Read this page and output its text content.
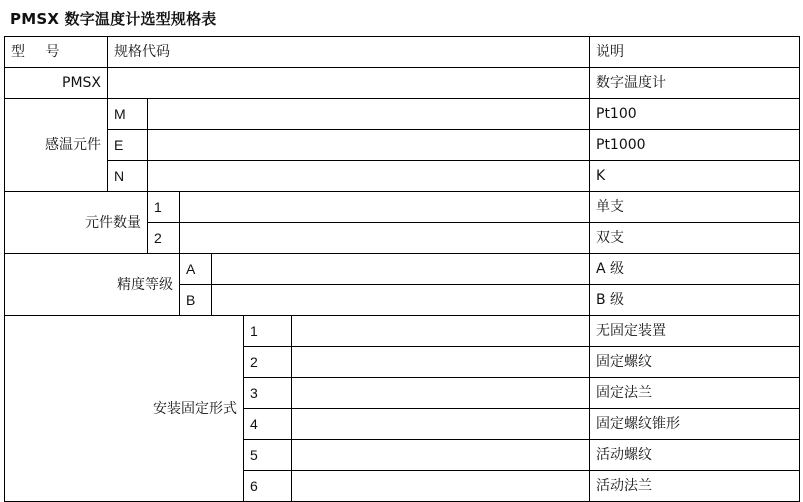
PMSX 数字温度计选型规格表
型 号	规格代码						说明
PMSX							数字温度计
感温元件	M						Pt100
	E						Pt1000
	N						K
元件数量		1					单支
		2					双支
精度等级			A				A 级
			B				B 级
安装固定形式					1		无固定装置
					2		固定螺纹
					3		固定法兰
					4		固定螺纹锥形
					5		活动螺纹
					6		活动法兰
